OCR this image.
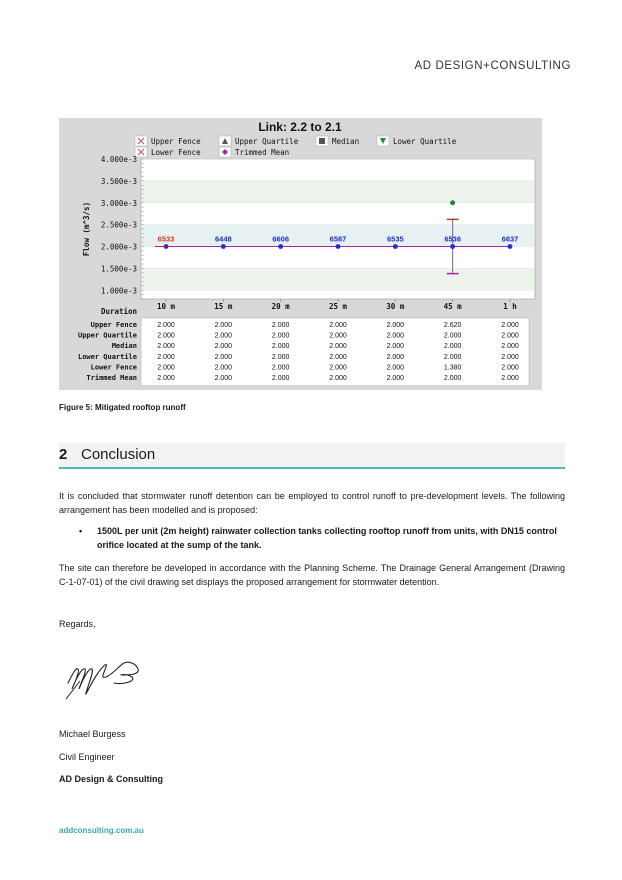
AD DESIGN+CONSULTING
Link: 2.2 to 2.1
Upper Fence	Upper Quartile	Median	Lower Quartile
Lower Fence	Trimmed Mean
4.000e-3
3.500e-3
3.000e-3
2.500e-3
2.000e-3
1.500e-3
1.000e-3
Flow (m^3/s)	6533
10 m
6448
15 m
6606
20 m
6587
25 m
6535
30 m
6536
45 m
6637
1 h
Duration
Upper Fence	2.000	2.000	2.000	2.000	2.000	2.620	2.000
Upper Quartile	2.000	2.000	2.000	2.000	2.000	2.000	2.000
Median	2.000	2.000	2.000	2.000	2.000	2.000	2.000
Lower Quartile	2.000	2.000	2.000	2.000	2.000	2.000	2.000
Lower Fence	2.000	2.000	2.000	2.000	2.000	1.380	2.000
Trimmed Mean	2.000	2.000	2.000	2.000	2.000	2.000	2.000
Figure 5: Mitigated rooftop runoff
2 Conclusion
It is concluded that stormwater runoff detention can be employed to control runoff to pre-development levels. The following arrangement has been modelled and is proposed:
• 1500L per unit (2m height) rainwater collection tanks collecting rooftop runoff from units, with DN15 control orifice located at the sump of the tank.
The site can therefore be developed in accordance with the Planning Scheme. The Drainage General Arrangement (Drawing C-1-07-01) of the civil drawing set displays the proposed arrangement for stormwater detention.
Regards,
Michael Burgess
Civil Engineer
AD Design & Consulting
addconsulting.com.au
